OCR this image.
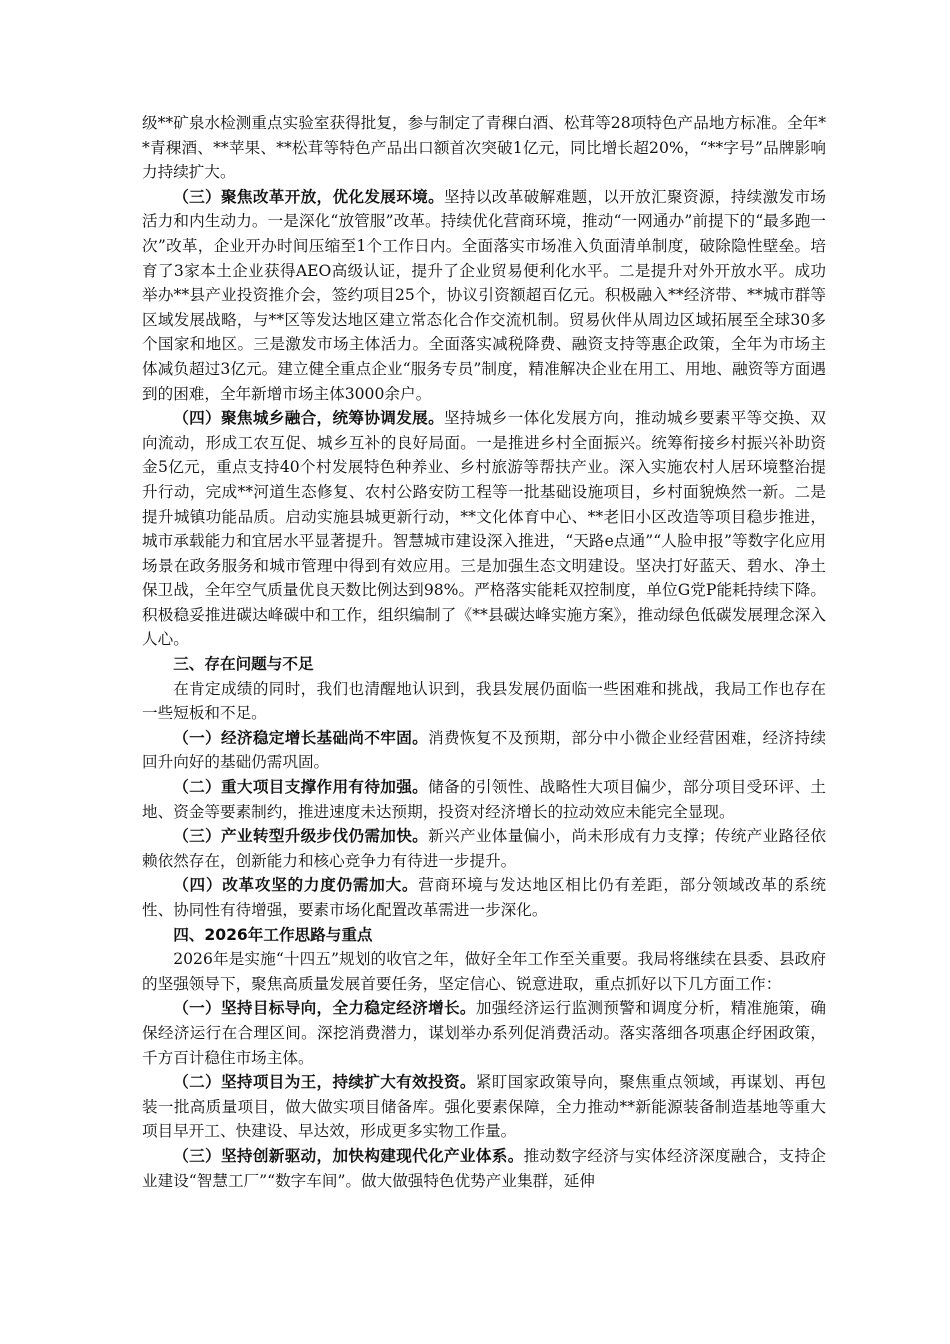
级**矿泉水检测重点实验室获得批复，参与制定了青稞白酒、松茸等28项特色产品地方标准。全年**青稞酒、**苹果、**松茸等特色产品出口额首次突破1亿元，同比增长超20%，“**字号”品牌影响力持续扩大。

（三）聚焦改革开放，优化发展环境。坚持以改革破解难题，以开放汇聚资源，持续激发市场活力和内生动力。一是深化“放管服”改革。持续优化营商环境，推动“一网通办”前提下的“最多跑一次”改革，企业开办时间压缩至1个工作日内。全面落实市场准入负面清单制度，破除隐性壁垒。培育了3家本土企业获得AEO高级认证，提升了企业贸易便利化水平。二是提升对外开放水平。成功举办**县产业投资推介会，签约项目25个，协议引资额超百亿元。积极融入**经济带、**城市群等区域发展战略，与**区等发达地区建立常态化合作交流机制。贸易伙伴从周边区域拓展至全球30多个国家和地区。三是激发市场主体活力。全面落实减税降费、融资支持等惠企政策，全年为市场主体减负超过3亿元。建立健全重点企业“服务专员”制度，精准解决企业在用工、用地、融资等方面遇到的困难，全年新增市场主体3000余户。

（四）聚焦城乡融合，统筹协调发展。坚持城乡一体化发展方向，推动城乡要素平等交换、双向流动，形成工农互促、城乡互补的良好局面。一是推进乡村全面振兴。统筹衔接乡村振兴补助资金5亿元，重点支持40个村发展特色种养业、乡村旅游等帮扶产业。深入实施农村人居环境整治提升行动，完成**河道生态修复、农村公路安防工程等一批基础设施项目，乡村面貌焕然一新。二是提升城镇功能品质。启动实施县城更新行动，**文化体育中心、**老旧小区改造等项目稳步推进，城市承载能力和宜居水平显著提升。智慧城市建设深入推进，“天路e点通”“人脸申报”等数字化应用场景在政务服务和城市管理中得到有效应用。三是加强生态文明建设。坚决打好蓝天、碧水、净土保卫战，全年空气质量优良天数比例达到98%。严格落实能耗双控制度，单位G党P能耗持续下降。积极稳妥推进碳达峰碳中和工作，组织编制了《**县碳达峰实施方案》，推动绿色低碳发展理念深入人心。

三、存在问题与不足

在肯定成绩的同时，我们也清醒地认识到，我县发展仍面临一些困难和挑战，我局工作也存在一些短板和不足。

（一）经济稳定增长基础尚不牢固。消费恢复不及预期，部分中小微企业经营困难，经济持续回升向好的基础仍需巩固。

（二）重大项目支撑作用有待加强。储备的引领性、战略性大项目偏少，部分项目受环评、土地、资金等要素制约，推进速度未达预期，投资对经济增长的拉动效应未能完全显现。

（三）产业转型升级步伐仍需加快。新兴产业体量偏小，尚未形成有力支撑；传统产业路径依赖依然存在，创新能力和核心竞争力有待进一步提升。

（四）改革攻坚的力度仍需加大。营商环境与发达地区相比仍有差距，部分领域改革的系统性、协同性有待增强，要素市场化配置改革需进一步深化。

四、2026年工作思路与重点

2026年是实施“十四五”规划的收官之年，做好全年工作至关重要。我局将继续在县委、县政府的坚强领导下，聚焦高质量发展首要任务，坚定信心、锐意进取，重点抓好以下几方面工作：

（一）坚持目标导向，全力稳定经济增长。加强经济运行监测预警和调度分析，精准施策，确保经济运行在合理区间。深挖消费潜力，谋划举办系列促消费活动。落实落细各项惠企纾困政策，千方百计稳住市场主体。

（二）坚持项目为王，持续扩大有效投资。紧盯国家政策导向，聚焦重点领域，再谋划、再包装一批高质量项目，做大做实项目储备库。强化要素保障，全力推动**新能源装备制造基地等重大项目早开工、快建设、早达效，形成更多实物工作量。

（三）坚持创新驱动，加快构建现代化产业体系。推动数字经济与实体经济深度融合，支持企业建设“智慧工厂”“数字车间”。做大做强特色优势产业集群，延伸
